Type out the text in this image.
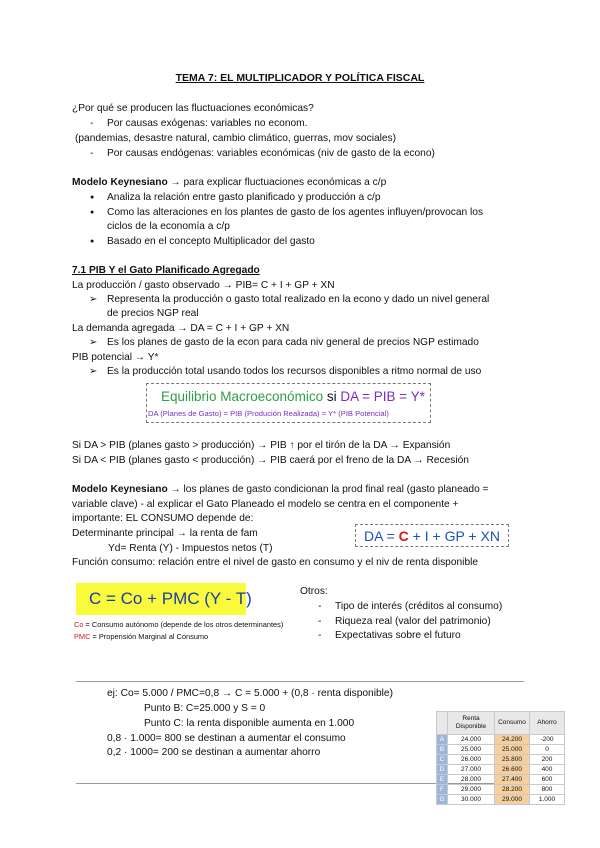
TEMA 7: EL MULTIPLICADOR Y POLÍTICA FISCAL
¿Por qué se producen las fluctuaciones económicas?
- Por causas exógenas: variables no econom.
(pandemias, desastre natural, cambio climático, guerras, mov sociales)
- Por causas endógenas: variables económicas (niv de gasto de la econo)
Modelo Keynesiano → para explicar fluctuaciones económicas a c/p
● Analiza la relación entre gasto planificado y producción a c/p
● Como las alteraciones en los plantes de gasto de los agentes influyen/provocan los
ciclos de la economía a c/p
● Basado en el concepto Multiplicador del gasto
7.1 PIB Y el Gato Planificado Agregado
La producción / gasto observado → PIB= C + I + GP + XN
➢ Representa la producción o gasto total realizado en la econo y dado un nivel general
de precios NGP real
La demanda agregada → DA = C + I + GP + XN
➢ Es los planes de gasto de la econ para cada niv general de precios NGP estimado
PIB potencial → Y*
➢ Es la producción total usando todos los recursos disponibles a ritmo normal de uso
Equilibrio Macroeconómico si DA = PIB = Y*
DA (Planes de Gasto) = PIB (Produción Realizada) = Y* (PIB Potencial)
Si DA > PIB (planes gasto > producción) → PIB ↑ por el tirón de la DA → Expansión
Si DA < PIB (planes gasto < producción) → PIB caerá por el freno de la DA → Recesión
Modelo Keynesiano → los planes de gasto condicionan la prod final real (gasto planeado =
variable clave) - al explicar el Gato Planeado el modelo se centra en el componente +
importante: EL CONSUMO depende de:
Determinante principal → la renta de fam
Yd= Renta (Y) - Impuestos netos (T)
Función consumo: relación entre el nivel de gasto en consumo y el niv de renta disponible
DA = C + I + GP + XN
C = Co + PMC (Y - T)
Co = Consumo autónomo (depende de los otros determinantes)
PMC = Propensión Marginal al Consumo
Otros:
- Tipo de interés (créditos al consumo)
- Riqueza real (valor del patrimonio)
- Expectativas sobre el futuro
ej: Co= 5.000 / PMC=0,8 → C = 5.000 + (0,8 · renta disponible)
Punto B: C=25.000 y S = 0
Punto C: la renta disponible aumenta en 1.000
0,8 · 1.000= 800 se destinan a aumentar el consumo
0,2 · 1000= 200 se destinan a aumentar ahorro
	Renta Disponible	Consumo	Ahorro
A	24.000	24.200	-200
B	25.000	25.000	0
C	26.000	25.800	200
D	27.000	26.600	400
E	28.000	27.400	600
F	29.000	28.200	800
G	30.000	29.000	1.000
